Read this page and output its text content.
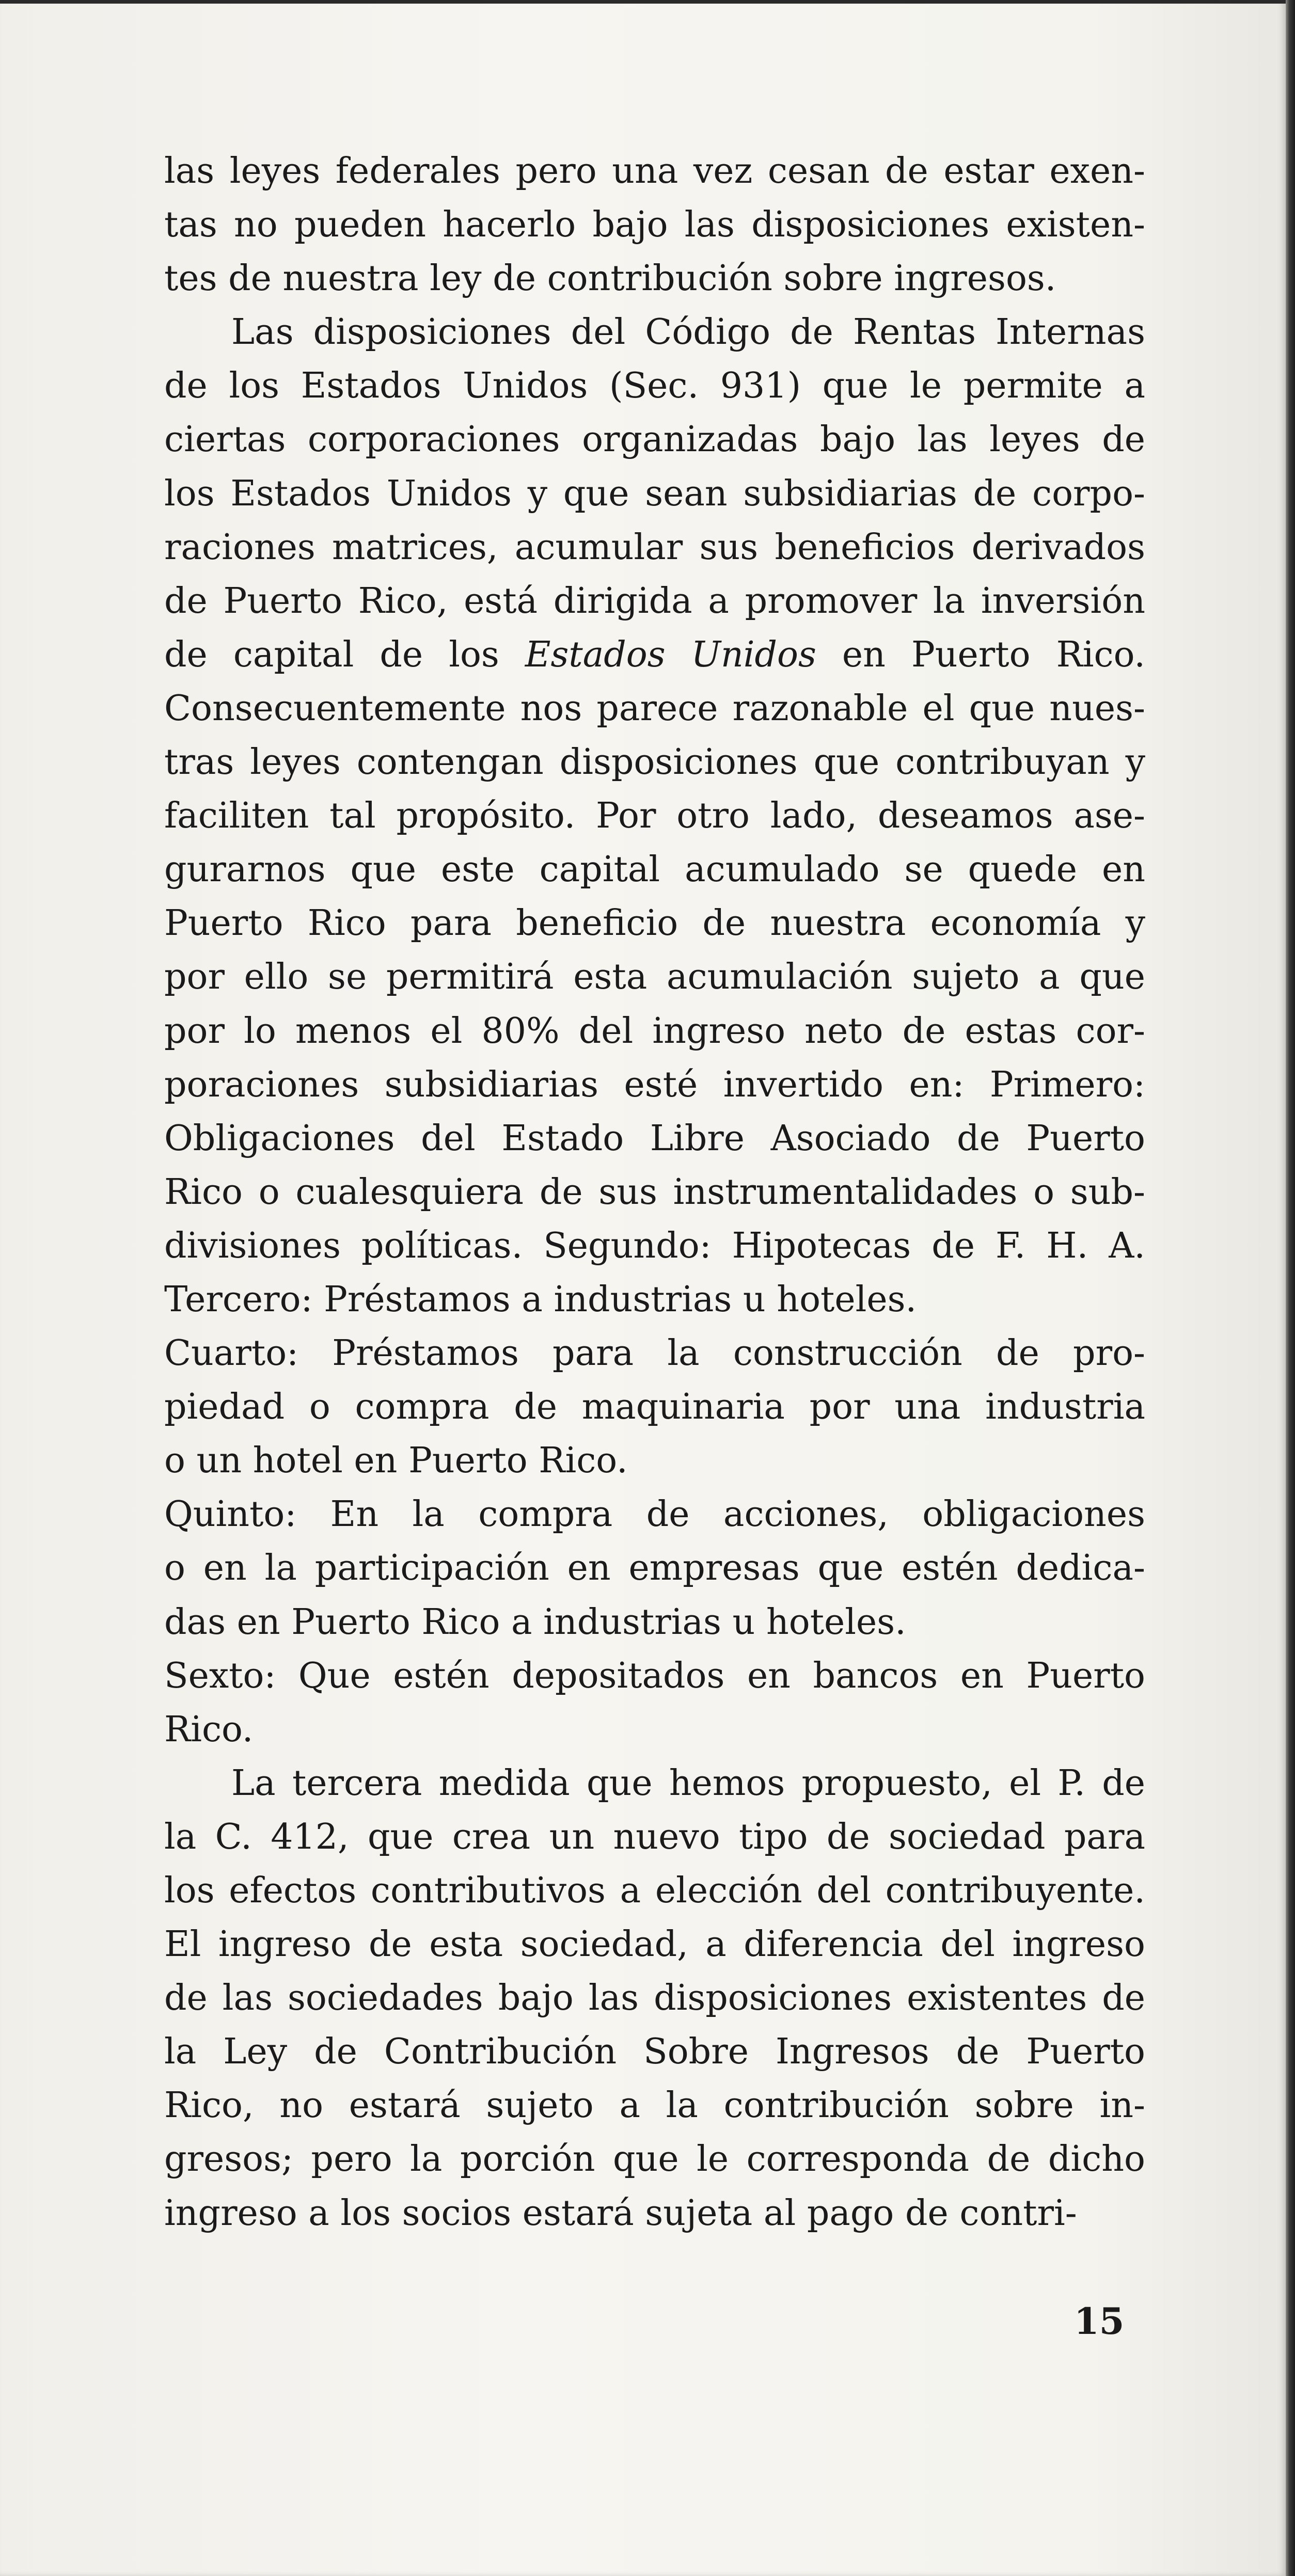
las leyes federales pero una vez cesan de estar exen-
tas no pueden hacerlo bajo las disposiciones existen-
tes de nuestra ley de contribución sobre ingresos.
Las disposiciones del Código de Rentas Internas
de los Estados Unidos (Sec. 931) que le permite a
ciertas corporaciones organizadas bajo las leyes de
los Estados Unidos y que sean subsidiarias de corpo-
raciones matrices, acumular sus beneficios derivados
de Puerto Rico, está dirigida a promover la inversión
de capital de los Estados Unidos en Puerto Rico.
Consecuentemente nos parece razonable el que nues-
tras leyes contengan disposiciones que contribuyan y
faciliten tal propósito. Por otro lado, deseamos ase-
gurarnos que este capital acumulado se quede en
Puerto Rico para beneficio de nuestra economía y
por ello se permitirá esta acumulación sujeto a que
por lo menos el 80% del ingreso neto de estas cor-
poraciones subsidiarias esté invertido en: Primero:
Obligaciones del Estado Libre Asociado de Puerto
Rico o cualesquiera de sus instrumentalidades o sub-
divisiones políticas. Segundo: Hipotecas de F. H. A.
Tercero: Préstamos a industrias u hoteles.
Cuarto: Préstamos para la construcción de pro-
piedad o compra de maquinaria por una industria
o un hotel en Puerto Rico.
Quinto: En la compra de acciones, obligaciones
o en la participación en empresas que estén dedica-
das en Puerto Rico a industrias u hoteles.
Sexto: Que estén depositados en bancos en Puerto
Rico.
La tercera medida que hemos propuesto, el P. de
la C. 412, que crea un nuevo tipo de sociedad para
los efectos contributivos a elección del contribuyente.
El ingreso de esta sociedad, a diferencia del ingreso
de las sociedades bajo las disposiciones existentes de
la Ley de Contribución Sobre Ingresos de Puerto
Rico, no estará sujeto a la contribución sobre in-
gresos; pero la porción que le corresponda de dicho
ingreso a los socios estará sujeta al pago de contri-
15
